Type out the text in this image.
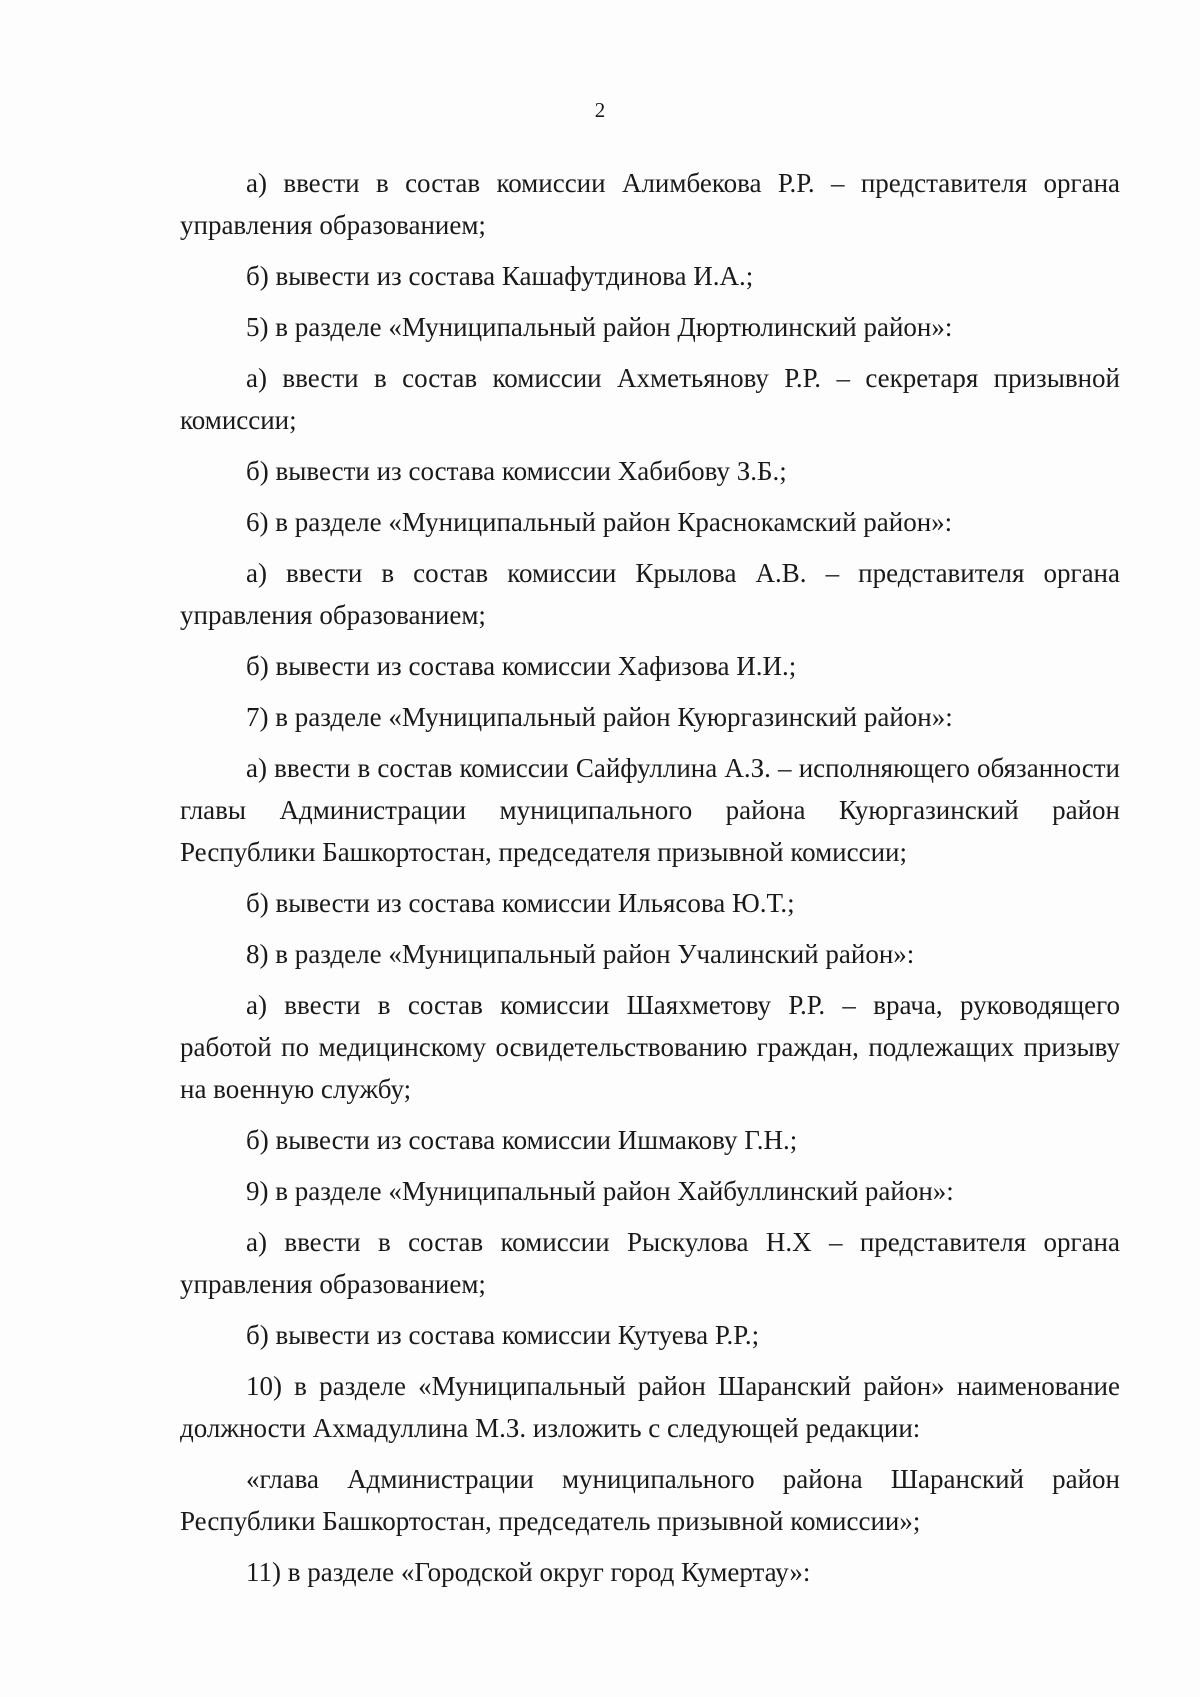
2

а) ввести в состав комиссии Алимбекова Р.Р. – представителя органа управления образованием;

б) вывести из состава Кашафутдинова И.А.;

5) в разделе «Муниципальный район Дюртюлинский район»:

а) ввести в состав комиссии Ахметьянову Р.Р. – секретаря призывной комиссии;

б) вывести из состава комиссии Хабибову З.Б.;

6) в разделе «Муниципальный район Краснокамский район»:

а) ввести в состав комиссии Крылова А.В. – представителя органа управления образованием;

б) вывести из состава комиссии Хафизова И.И.;

7) в разделе «Муниципальный район Куюргазинский район»:

а) ввести в состав комиссии Сайфуллина А.З. – исполняющего обязанности главы Администрации муниципального района Куюргазинский район Республики Башкортостан, председателя призывной комиссии;

б) вывести из состава комиссии Ильясова Ю.Т.;

8) в разделе «Муниципальный район Учалинский район»:

а) ввести в состав комиссии Шаяхметову Р.Р. – врача, руководящего работой по медицинскому освидетельствованию граждан, подлежащих призыву на военную службу;

б) вывести из состава комиссии Ишмакову Г.Н.;

9) в разделе «Муниципальный район Хайбуллинский район»:

а) ввести в состав комиссии Рыскулова Н.Х – представителя органа управления образованием;

б) вывести из состава комиссии Кутуева Р.Р.;

10) в разделе «Муниципальный район Шаранский район» наименование должности Ахмадуллина М.З. изложить с следующей редакции:

«глава Администрации муниципального района Шаранский район Республики Башкортостан, председатель призывной комиссии»;

11) в разделе «Городской округ город Кумертау»:
